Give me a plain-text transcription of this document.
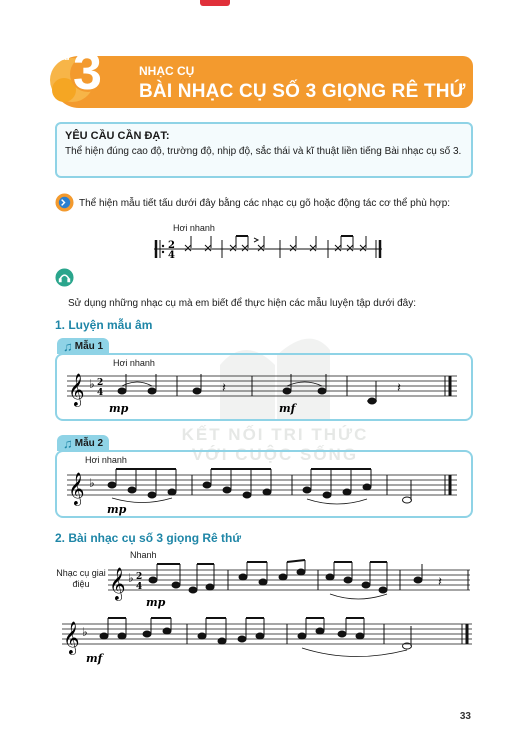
Bài 3	NHẠC CỤ
BÀI NHẠC CỤ SỐ 3 GIỌNG RÊ THỨ
YÊU CẦU CẦN ĐẠT:
Thể hiện đúng cao độ, trường độ, nhịp độ, sắc thái và kĩ thuật liền tiếng Bài nhạc cụ số 3.
KẾT NỐI TRI THỨC
VỚI CUỘC SỐNG
Thể hiện mẫu tiết tấu dưới đây bằng các nhạc cụ gõ hoặc động tác cơ thể phù hợp:
Hơi nhanh
2
4
Sử dụng những nhạc cụ mà em biết để thực hiện các mẫu luyện tập dưới đây:
1. Luyện mẫu âm
♫ Mẫu 1
Hơi nhanh
𝄞 ♭ 2
4	𝄽	𝄽
mp	mf
♫ Mẫu 2
Hơi nhanh
𝄞 ♭
mp
2. Bài nhạc cụ số 3 giọng Rê thứ
Nhanh
Nhạc cụ giai điệu 𝄞 ♭ 2
4	𝄽
mp
𝄞 ♭
mf
33
